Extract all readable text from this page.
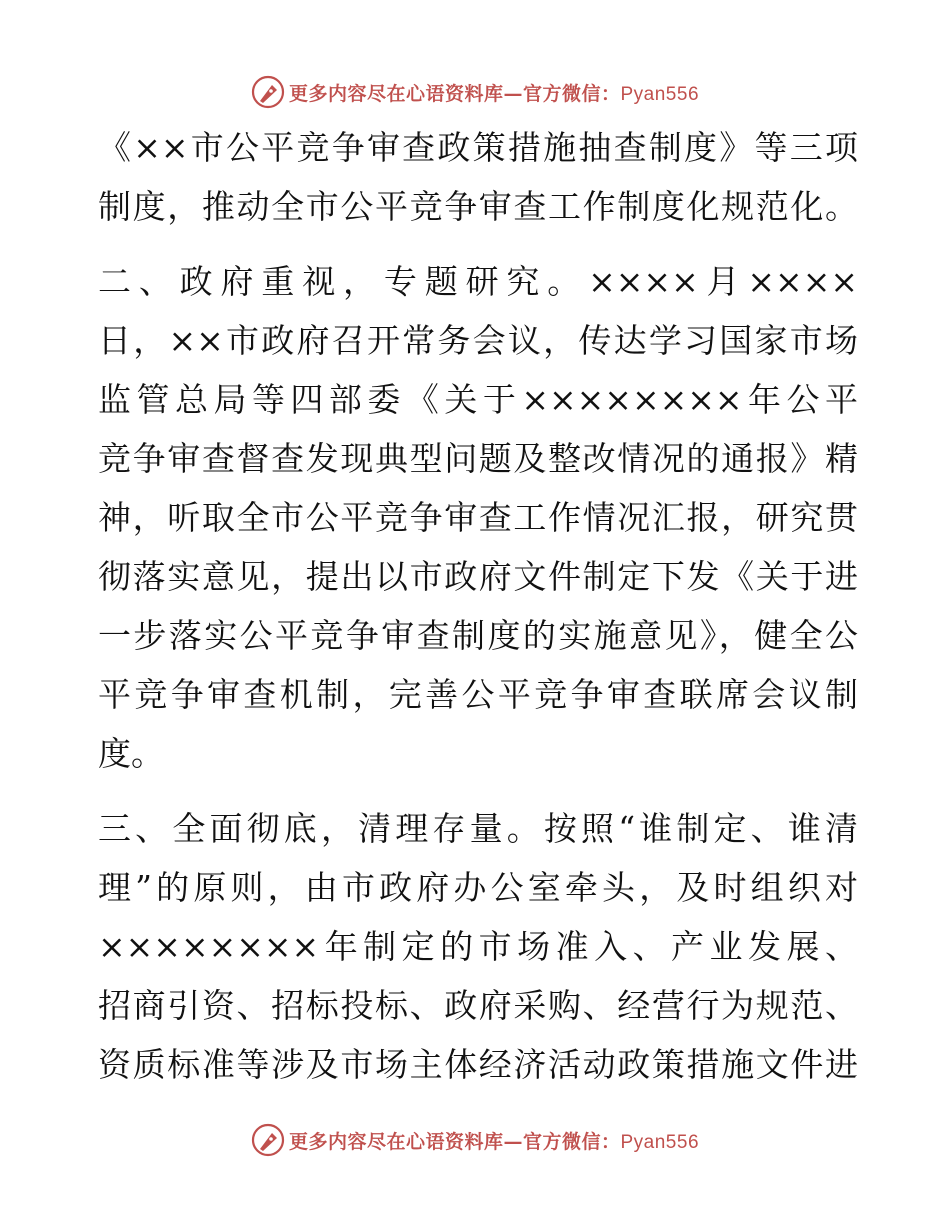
更多内容尽在心语资料库—官方微信：Pyan556
《××市公平竞争审查政策措施抽查制度》等三项
制度，推动全市公平竞争审查工作制度化规范化。
二、政府重视，专题研究。××××月××××
日，××市政府召开常务会议，传达学习国家市场
监管总局等四部委《关于××××××××年公平
竞争审查督查发现典型问题及整改情况的通报》精
神，听取全市公平竞争审查工作情况汇报，研究贯
彻落实意见，提出以市政府文件制定下发《关于进
一步落实公平竞争审查制度的实施意见》，健全公
平竞争审查机制，完善公平竞争审查联席会议制
度。
三、全面彻底，清理存量。按照“谁制定、谁清
理”的原则，由市政府办公室牵头，及时组织对
××××××××年制定的市场准入、产业发展、
招商引资、招标投标、政府采购、经营行为规范、
资质标准等涉及市场主体经济活动政策措施文件进
更多内容尽在心语资料库—官方微信：Pyan556
